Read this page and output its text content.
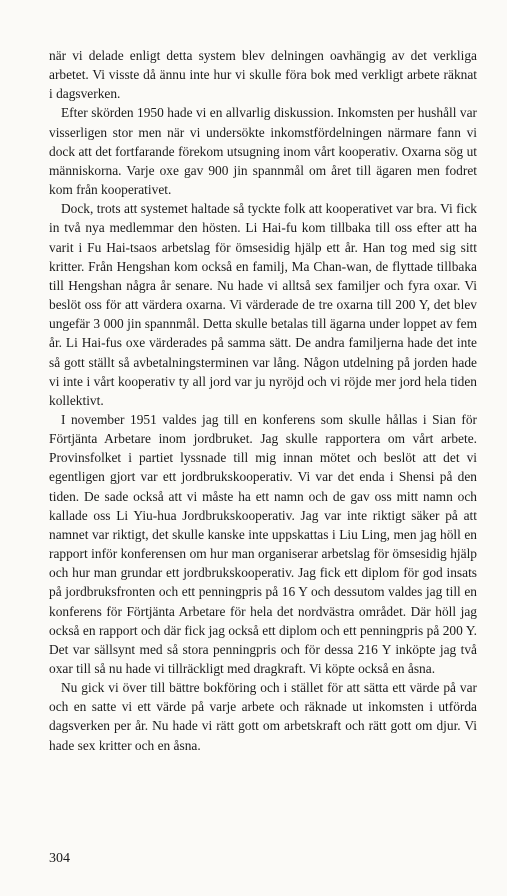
när vi delade enligt detta system blev delningen oavhängig av det verkliga arbetet. Vi visste då ännu inte hur vi skulle föra bok med verkligt arbete räknat i dagsverken.

Efter skörden 1950 hade vi en allvarlig diskussion. Inkomsten per hushåll var visserligen stor men när vi undersökte inkomstfördelningen närmare fann vi dock att det fortfarande förekom utsugning inom vårt kooperativ. Oxarna sög ut människorna. Varje oxe gav 900 jin spannmål om året till ägaren men fodret kom från kooperativet.

Dock, trots att systemet haltade så tyckte folk att kooperativet var bra. Vi fick in två nya medlemmar den hösten. Li Hai-fu kom tillbaka till oss efter att ha varit i Fu Hai-tsaos arbetslag för ömsesidig hjälp ett år. Han tog med sig sitt kritter. Från Hengshan kom också en familj, Ma Chan-wan, de flyttade tillbaka till Hengshan några år senare. Nu hade vi alltså sex familjer och fyra oxar. Vi beslöt oss för att värdera oxarna. Vi värderade de tre oxarna till 200 Y, det blev ungefär 3 000 jin spannmål. Detta skulle betalas till ägarna under loppet av fem år. Li Hai-fus oxe värderades på samma sätt. De andra familjerna hade det inte så gott ställt så avbetalningsterminen var lång. Någon utdelning på jorden hade vi inte i vårt kooperativ ty all jord var ju nyröjd och vi röjde mer jord hela tiden kollektivt.

I november 1951 valdes jag till en konferens som skulle hållas i Sian för Förtjänta Arbetare inom jordbruket. Jag skulle rapportera om vårt arbete. Provinsfolket i partiet lyssnade till mig innan mötet och beslöt att det vi egentligen gjort var ett jordbrukskooperativ. Vi var det enda i Shensi på den tiden. De sade också att vi måste ha ett namn och de gav oss mitt namn och kallade oss Li Yiu-hua Jordbrukskooperativ. Jag var inte riktigt säker på att namnet var riktigt, det skulle kanske inte uppskattas i Liu Ling, men jag höll en rapport inför konferensen om hur man organiserar arbetslag för ömsesidig hjälp och hur man grundar ett jordbrukskooperativ. Jag fick ett diplom för god insats på jordbruksfronten och ett penningpris på 16 Y och dessutom valdes jag till en konferens för Förtjänta Arbetare för hela det nordvästra området. Där höll jag också en rapport och där fick jag också ett diplom och ett penningpris på 200 Y. Det var sällsynt med så stora penningpris och för dessa 216 Y inköpte jag två oxar till så nu hade vi tillräckligt med dragkraft. Vi köpte också en åsna.

Nu gick vi över till bättre bokföring och i stället för att sätta ett värde på var och en satte vi ett värde på varje arbete och räknade ut inkomsten i utförda dagsverken per år. Nu hade vi rätt gott om arbetskraft och rätt gott om djur. Vi hade sex kritter och en åsna.

304
